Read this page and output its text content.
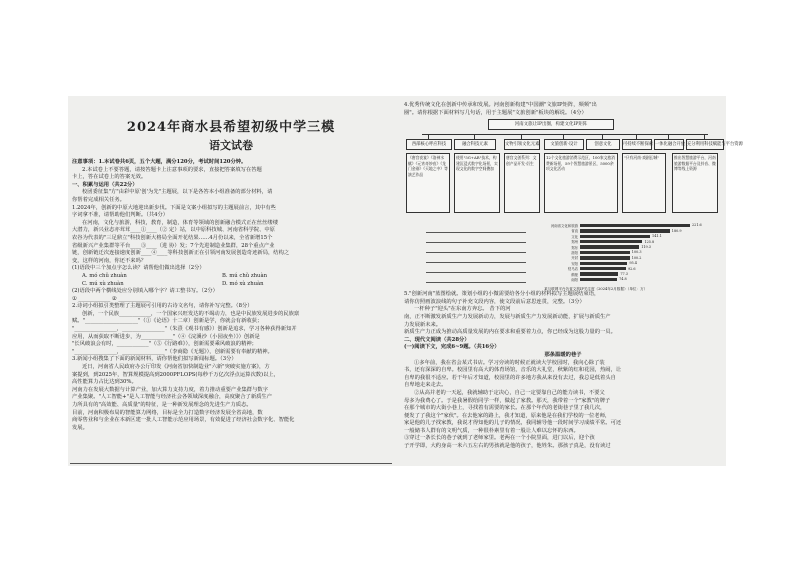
2024年商水县希望初级中学三模
语文试卷

注意事项：1.本试卷共6页，五个大题，满分120分，考试时间120分钟。

2.本试卷上不要答题，请按答题卡上注意事项的要求，直接把答案填写在答题

卡上，答在试卷上的答案无效。

一、积累与运用（共22分）

校团委征集"方"由彩中原'创'为先"主题展，以下是各答本小组准备的部分材料，请

你帮着完成相关任务。

1.2024年，创新的中原大地迎出新步伐。下面是文案小组拟写的主题展前言，其中有些

字词拿不准，请帮助他们判断。（共4分）

在河南，文化与旅游，科技，教育，制造，体育等领域的创新融合模式正在丝丝缕缕

大潜力，新兴业态亦茸茸____①____（② 定）站，以中原科技城、河南省科学院、中原

农谷为代表的"三足鼎立"科技创新大格局全面开花结果……4月份以来，全省新增15个

省级新兴产业集群等平台____③____（进 协）发；7个先进制造业集群，28个重点产业

链，创新链迁次连接速度创新____④____等科技创新正在引领河南发展创造奇迹新局，结构之

变，这样的河南，你还不来吗？

(1)语段中三个加点字怎么读？请帮他们做出选择（2分）

A. mó chǔ zhuàn	B. mú chǔ zhuàn
C. mú xù zhuàn	D. mó xù zhuàn

(2)语段中两个横线处应分别填入哪个字？请工整书写。（2分）

① ____________ ② ____________

2.诗词小组拟引类整理了主题展可引用的古诗文名句，请你补写完整。（8分）

创新，一个民族____________，一个国家兴旺发达的不竭动力，也是中民族发展进步的民族禀

赋。"____________________"（①《论语》十二章）创新是学，你就会有新收获；

"________________，________________"（朱熹《观书有感》）创新是追求，学习各种获得新知并

应用，从而获取不断进步，为____________"（④《浣溪沙（小园夜坐）》）创新是

"长风破浪会有时，____________"（⑤《行路难》），创新需要乘风破浪的精神；

"________________，________________"（李商隐《无题》），创新需要有奉献的精神。

3.新闻小组搜集了下面的新闻材料，请你帮他们拟写新闻标题。（3分）

近日，河南省人民政府办公厅印发《河南省加快制造业"六新"突破实施方案》，方

案提到，到2025年，智算规模提高到2000PFLOPS(每秒千万亿次浮点运算次数)以上，

高性能算力占比达到30%。

河南力在发展大数据与计算产业，加大算力支持力度，着力推动重要产业集群与数字

产业集聚。"人工智能+"是人工智能与经济社会各领域深度融合，高度聚合了新质生产

力所具有的"高效能、高质量"的特征，是一种新发展理念的先进生产力质态。

目前，河南积极布局的智能算力网络，目标是全力打造数字经济发展全省高地，数

商零售业和与企业在本新区建一批人工智能示范应用场景，有效促进了经济社会数字化、智能化

发展。

4.优秀传统文化在创新中传承和发展。河南创新构建"中国潮"文旅IP矩阵，频频"出

圈"。请你根据下面材料写几句话，用于主题展"文旅创新"板块的解说。（4分）

河南文旅让IP出圈，构建文化IP矩阵
西部核心呼应科技	融合科技元素	文物引领文化元素	文旅创新·设计	创意文化	可持续不断探索 一体化融合开放 充分利用科技赋能与平台资源
《唐宫夜宴》《洛神水赋》《元宵奇妙夜》《龙门金刚》《天地之中》等演艺作品
使用"5G+AR"技术，构建沉浸式数字化场景，实现文化的数字空间叠加
唐宫文创系列：文创产品开发·衍生
12个文化旅游消费示范区，100家文旅消费新场景，59个智慧旅游景区，5000余项文化活动
"只有河南·戏剧幻城"	推出智慧旅游平台，河南旅游数据平台及抖音、微博等线上资源
河南省文化和旅游	221.6
省直	180.9
文化	141.1
郑州	125.8
郑东	119.3
洛阳	100.3
开封	100.2
安阳	95.4
驻马店	92.6
鹤壁	77.3
南阳	74.8
某互联网平台各省文旅IP关注度（2024年2月数据）（单位：万）

5."创新河南"蓝图绘就。策划小组的小微需要给各分小组的材料拟写主题展结束语，

请你仿照画波浪线的句子补充文段内容，使文段前后意思连贯，完整。（3分）

一杆种子"迎头"在东南方奔忘。 昔下的河

南，正不断激发新质生产力发展新动力，发展与新质生产力发展新动能，扩展与新质生产

力发展新未来。

新质生产力正成为推动高质量发展的内在要求和重要着力点，你已经成为这股力量的一员。

二、现代文阅读（共28分）

(一)阅读下文，完成6~9题。（共16分）

那条温暖的巷子

①多年前，我在省会某式书店。学习旁读的时候正就读大学校园时，我向心除了装

书，还有深深的自卑。校园里有高大的体育场馆，音乐的大礼堂，秋紫的红和花园，热闹，让

自卑的我很不适应。若干年后才知道，校园里的许多地方我从来没有去过，我总是低着头自

自卑地走来走去。

②从高并老的一天起，我就辅助于定决心，自己一定要靠自己的能力读书，不要父

母多为我费心了。于是我暑假给同学一样，做起了家教。那天，我带着一个"家教"的牌子

在那个城市的大街小巷上，寻找着有需要的家长。在那个年代的老街巷子里了我几次，

便发了了我这个"家伙"。在去他家的路上，我才知道，原来他是在我们学校的一位老师，

家是他的儿子找家教，我说才得知他的儿子的情况，我同辅导他一段时间学习成绩平常。可还

一般储书人群有的文明气质，一种很朴素里有着一股让人难以忘怀的东西。

③穿过一条长长的巷子就到了老师家里。老两在一个小院里面，进门以后，迎个孩

子开学即，大约身高一米六五左右的男孩就是他的孩子，他姓朱。那孩子真是，没有读过
